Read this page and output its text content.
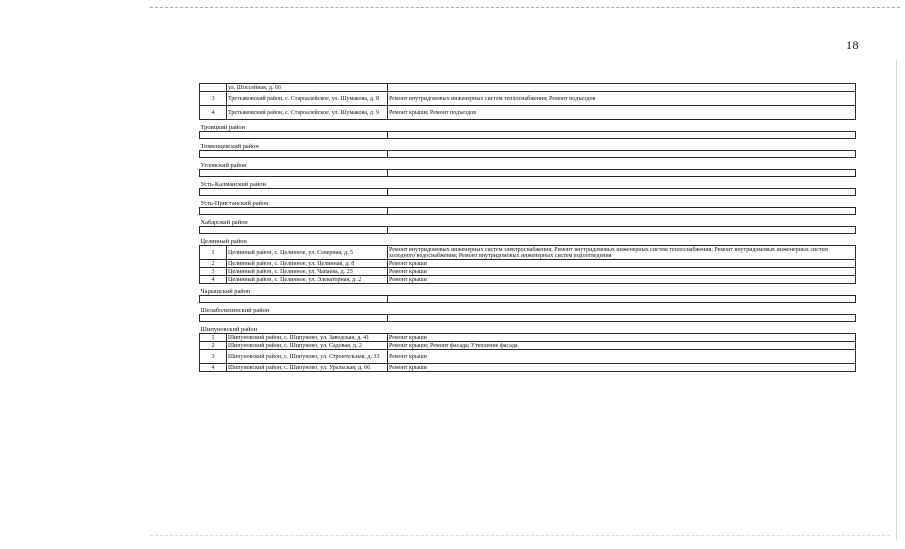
18
	ул. Шоссейная, д. 66	
3	Третьяковский район, с. Староалейское, ул. Шумакова, д. 8	Ремонт внутридомовых инженерных систем теплоснабжения; Ремонт подъездов
4	Третьяковский район, с. Староалейское, ул. Шумакова, д. 9	Ремонт крыши; Ремонт подъездов

Троицкий район		

Тюменцевский район		

Угловский район		

Усть-Калманский район		

Усть-Пристанский район		

Хабарский район		

Целинный район		
1	Целинный район, с. Целинное, ул. Северная, д. 5	Ремонт внутридомовых инженерных систем электроснабжения; Ремонт внутридомовых инженерных систем теплоснабжения; Ремонт внутридомовых инженерных систем холодного водоснабжения; Ремонт внутридомовых инженерных систем водоотведения
2	Целинный район, с. Целинное, ул. Целинная, д. 8	Ремонт крыши
3	Целинный район, с. Целинное, ул. Чапаева, д. 23	Ремонт крыши
4	Целинный район, с. Целинное, ул. Элеваторная, д. 2	Ремонт крыши

Чарышский район		

Шелаболихинский район		

Шипуновский район		
1	Шипуновский район, с. Шипуново, ул. Заводская, д. 41	Ремонт крыши
2	Шипуновский район, с. Шипуново, ул. Садовая, д. 2	Ремонт крыши; Ремонт фасада; Утепление фасада
3	Шипуновский район, с. Шипуново, ул. Строительная, д. 33	Ремонт крыши
4	Шипуновский район, с. Шипуново, ул. Уральская, д. 66	Ремонт крыши
